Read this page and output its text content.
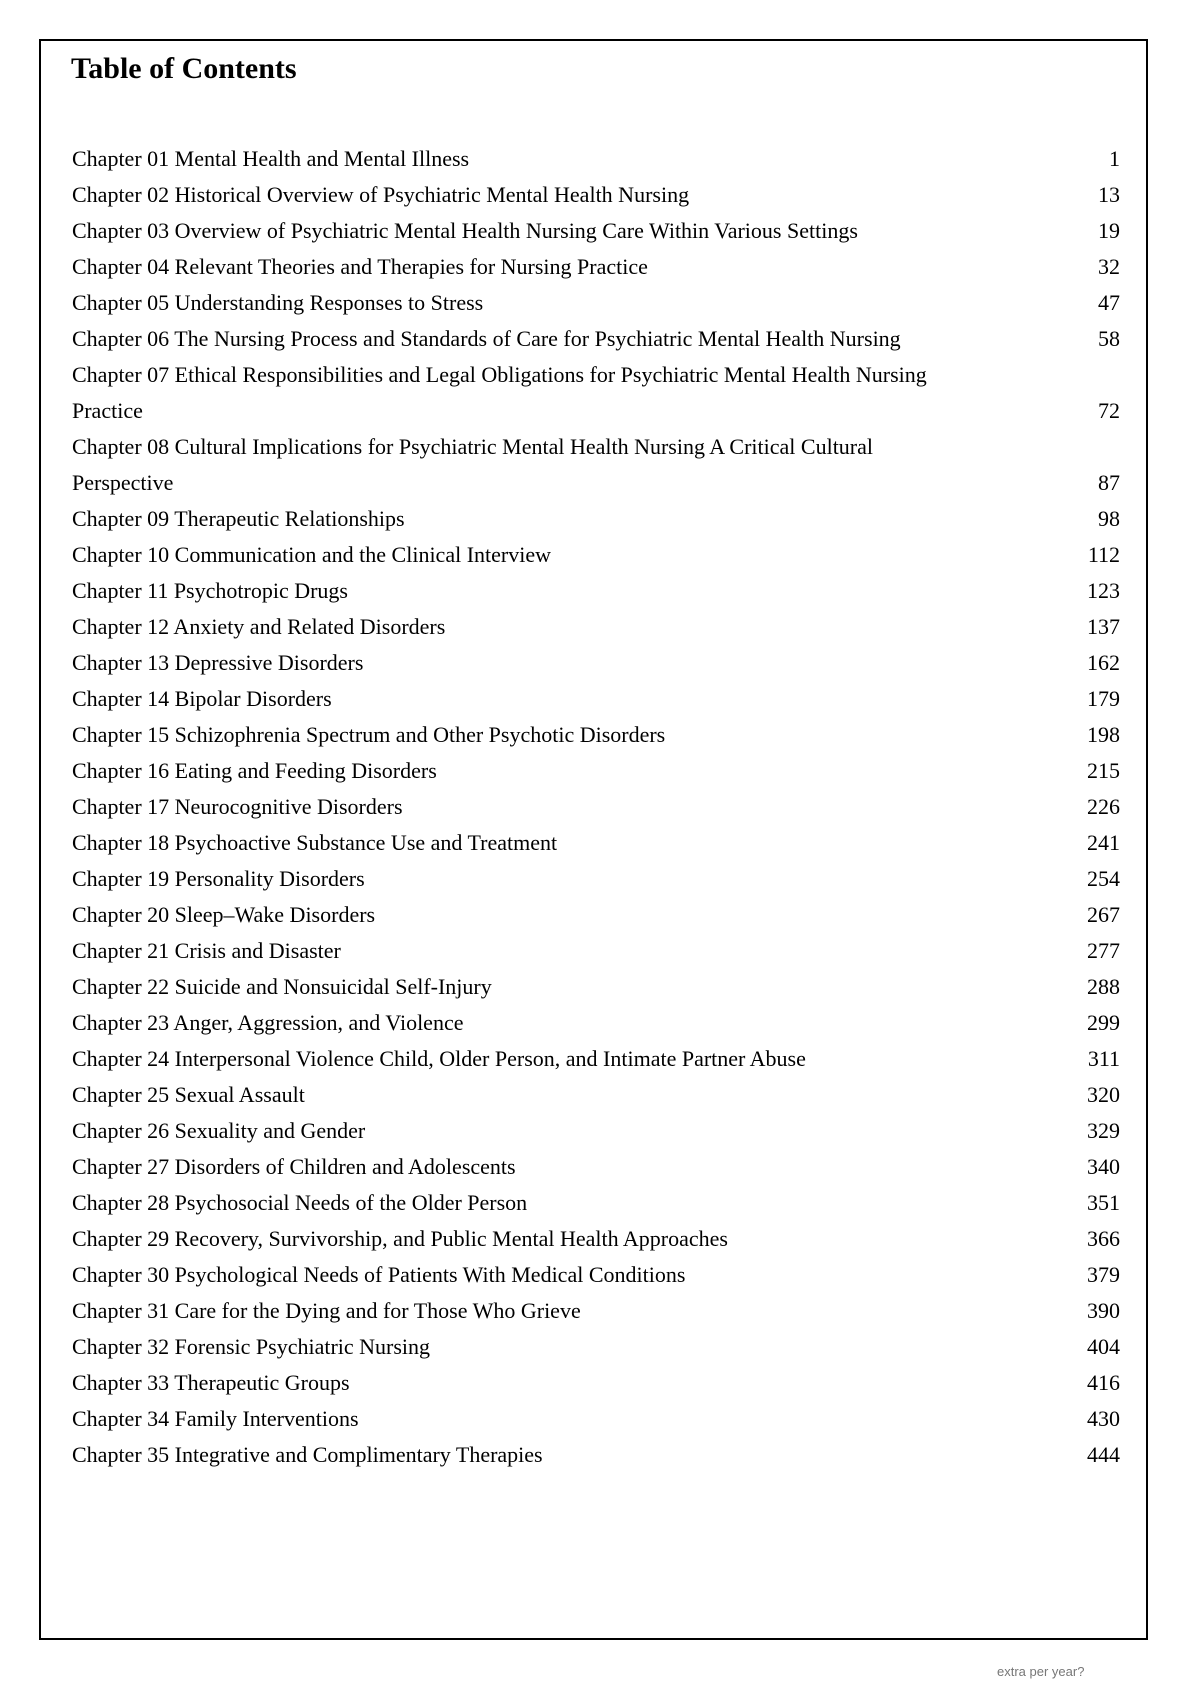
Table of Contents
Chapter 01 Mental Health and Mental Illness	1
Chapter 02 Historical Overview of Psychiatric Mental Health Nursing	13
Chapter 03 Overview of Psychiatric Mental Health Nursing Care Within Various Settings	19
Chapter 04 Relevant Theories and Therapies for Nursing Practice	32
Chapter 05 Understanding Responses to Stress	47
Chapter 06 The Nursing Process and Standards of Care for Psychiatric Mental Health Nursing	58
Chapter 07 Ethical Responsibilities and Legal Obligations for Psychiatric Mental Health Nursing Practice	72
Chapter 08 Cultural Implications for Psychiatric Mental Health Nursing A Critical Cultural Perspective	87
Chapter 09 Therapeutic Relationships	98
Chapter 10 Communication and the Clinical Interview	112
Chapter 11 Psychotropic Drugs	123
Chapter 12 Anxiety and Related Disorders	137
Chapter 13 Depressive Disorders	162
Chapter 14 Bipolar Disorders	179
Chapter 15 Schizophrenia Spectrum and Other Psychotic Disorders	198
Chapter 16 Eating and Feeding Disorders	215
Chapter 17 Neurocognitive Disorders	226
Chapter 18 Psychoactive Substance Use and Treatment	241
Chapter 19 Personality Disorders	254
Chapter 20 Sleep–Wake Disorders	267
Chapter 21 Crisis and Disaster	277
Chapter 22 Suicide and Nonsuicidal Self-Injury	288
Chapter 23 Anger, Aggression, and Violence	299
Chapter 24 Interpersonal Violence Child, Older Person, and Intimate Partner Abuse	311
Chapter 25 Sexual Assault	320
Chapter 26 Sexuality and Gender	329
Chapter 27 Disorders of Children and Adolescents	340
Chapter 28 Psychosocial Needs of the Older Person	351
Chapter 29 Recovery, Survivorship, and Public Mental Health Approaches	366
Chapter 30 Psychological Needs of Patients With Medical Conditions	379
Chapter 31 Care for the Dying and for Those Who Grieve	390
Chapter 32 Forensic Psychiatric Nursing	404
Chapter 33 Therapeutic Groups	416
Chapter 34 Family Interventions	430
Chapter 35 Integrative and Complimentary Therapies	444
extra per year?
